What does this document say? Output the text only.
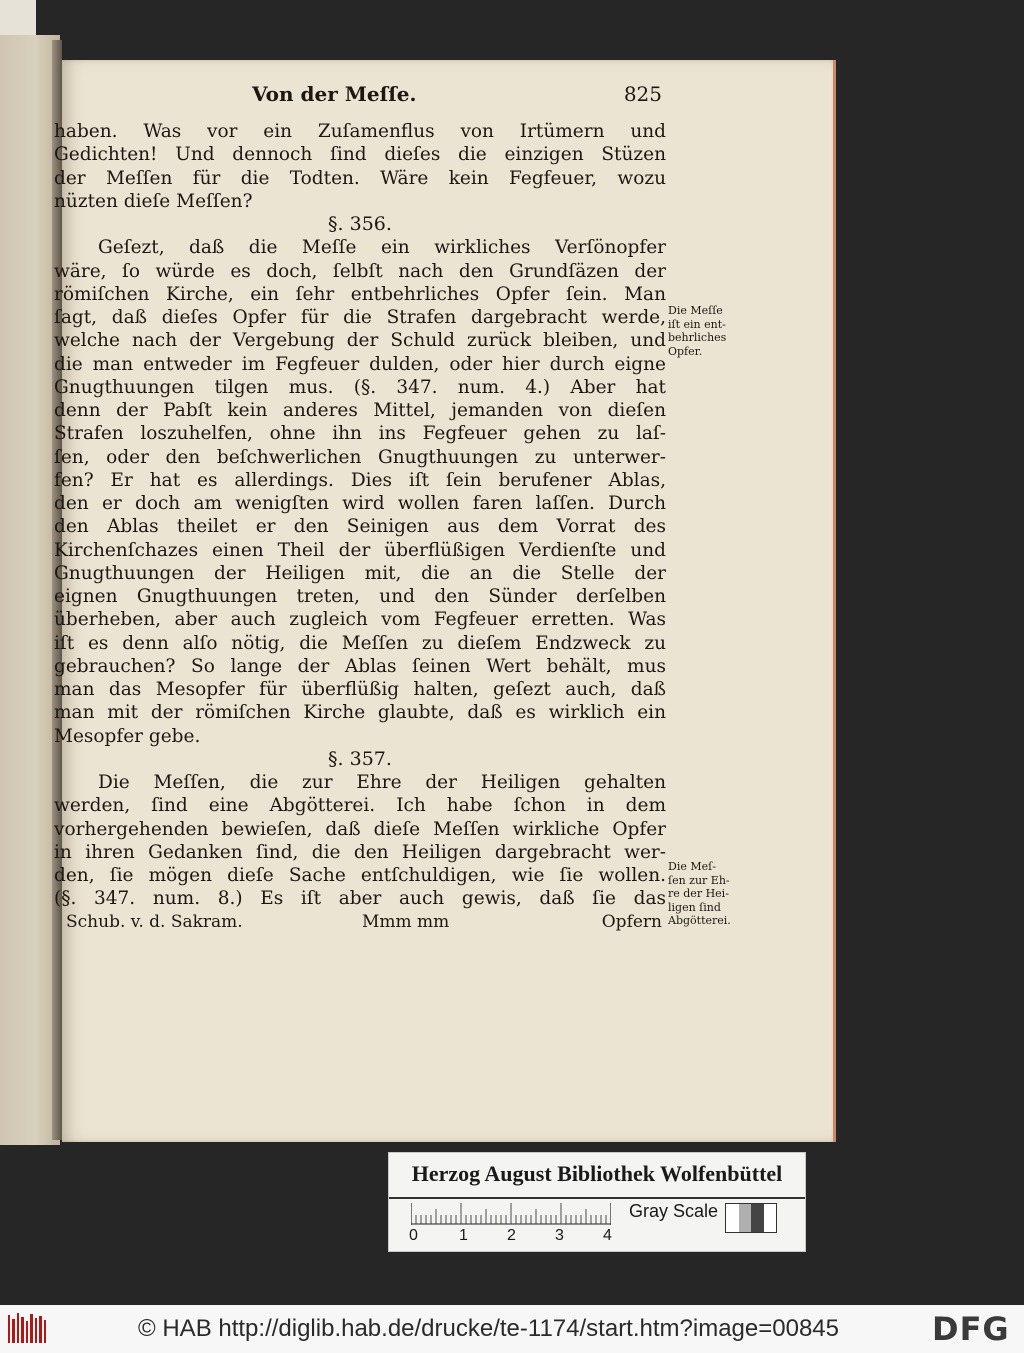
Von der Meſſe.	825
haben. Was vor ein Zuſamenflus von Irtümern und
Gedichten! Und dennoch ſind dieſes die einzigen Stüzen
der Meſſen für die Todten. Wäre kein Fegfeuer, wozu
nüzten dieſe Meſſen?
§. 356.
Geſezt, daß die Meſſe ein wirkliches Verſönopfer
wäre, ſo würde es doch, ſelbſt nach den Grundſäzen der
römiſchen Kirche, ein ſehr entbehrliches Opfer ſein. Man
ſagt, daß dieſes Opfer für die Strafen dargebracht werde,
welche nach der Vergebung der Schuld zurück bleiben, und
die man entweder im Fegfeuer dulden, oder hier durch eigne
Gnugthuungen tilgen mus. (§. 347. num. 4.) Aber hat
denn der Pabſt kein anderes Mittel, jemanden von dieſen
Strafen loszuhelfen, ohne ihn ins Fegfeuer gehen zu laſ-
ſen, oder den beſchwerlichen Gnugthuungen zu unterwer-
fen? Er hat es allerdings. Dies iſt ſein berufener Ablas,
den er doch am wenigſten wird wollen faren laſſen. Durch
den Ablas theilet er den Seinigen aus dem Vorrat des
Kirchenſchazes einen Theil der überflüßigen Verdienſte und
Gnugthuungen der Heiligen mit, die an die Stelle der
eignen Gnugthuungen treten, und den Sünder derſelben
überheben, aber auch zugleich vom Fegfeuer erretten. Was
iſt es denn alſo nötig, die Meſſen zu dieſem Endzweck zu
gebrauchen? So lange der Ablas ſeinen Wert behält, mus
man das Mesopfer für überflüßig halten, geſezt auch, daß
man mit der römiſchen Kirche glaubte, daß es wirklich ein
Mesopfer gebe.
§. 357.
Die Meſſen, die zur Ehre der Heiligen gehalten
werden, ſind eine Abgötterei. Ich habe ſchon in dem
vorhergehenden bewieſen, daß dieſe Meſſen wirkliche Opfer
in ihren Gedanken ſind, die den Heiligen dargebracht wer-
den, ſie mögen dieſe Sache entſchuldigen, wie ſie wollen.
(§. 347. num. 8.) Es iſt aber auch gewis, daß ſie das
Schub. v. d. Sakram.	Mmm mm	Opfern
Die Meſſe
iſt ein ent-
behrliches
Opfer.
Die Meſ-
ſen zur Eh-
re der Hei-
ligen ſind
Abgötterei.
Herzog August Bibliothek Wolfenbüttel
0	1 2 3 4
Gray Scale
© HAB http://diglib.hab.de/drucke/te-1174/start.htm?image=00845	DFG
